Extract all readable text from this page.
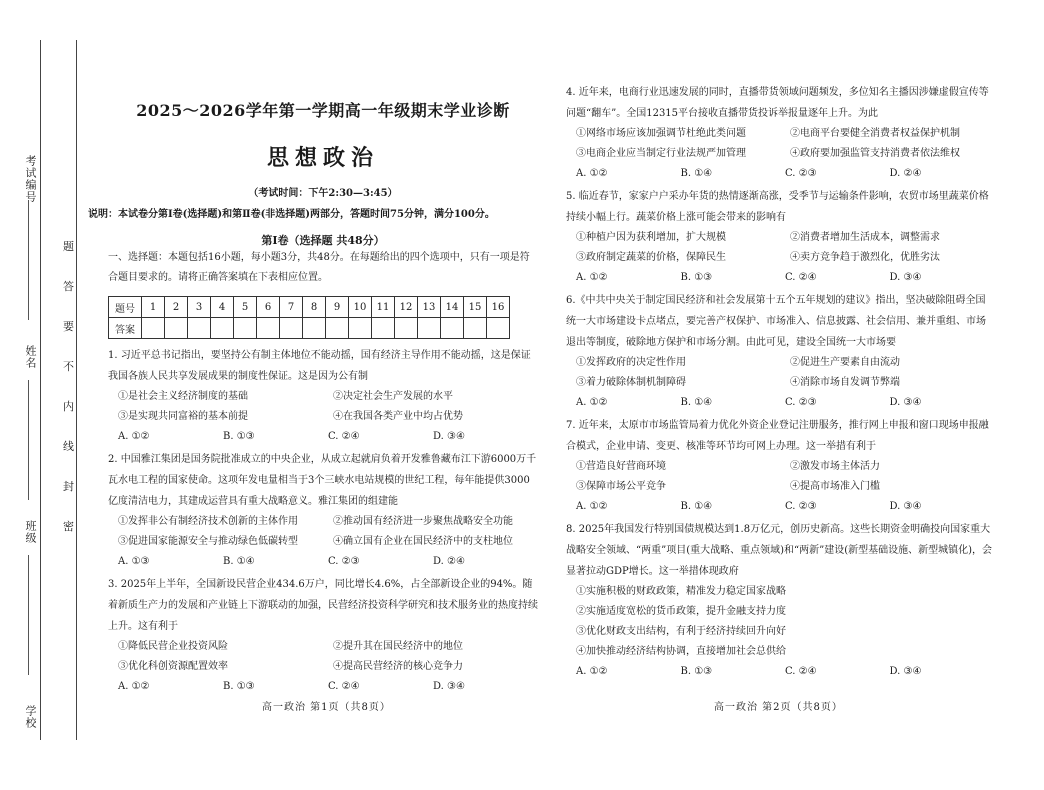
考试编号
姓名
班级
学校
题
答
要
不
内
线
封
密
2025～2026学年第一学期高一年级期末学业诊断
思想政治
（考试时间：下午2:30—3:45）
说明：本试卷分第Ⅰ卷(选择题)和第Ⅱ卷(非选择题)两部分，答题时间75分钟，满分100分。
第Ⅰ卷（选择题 共48分）
一、选择题：本题包括16小题，每小题3分，共48分。在每题给出的四个选项中，只有一项是符合题目要求的。请将正确答案填在下表相应位置。
题号	1	2	3	4	5	6	7	8	9	10	11	12	13	14	15	16
答案																
1. 习近平总书记指出，要坚持公有制主体地位不能动摇，国有经济主导作用不能动摇，这是保证我国各族人民共享发展成果的制度性保证。这是因为公有制
①是社会主义经济制度的基础	②决定社会生产发展的水平
③是实现共同富裕的基本前提	④在我国各类产业中均占优势
A. ①②	B. ①③	C. ②④	D. ③④
2. 中国雅江集团是国务院批准成立的中央企业，从成立起就肩负着开发雅鲁藏布江下游6000万千瓦水电工程的国家使命。这项年发电量相当于3个三峡水电站规模的世纪工程，每年能提供3000亿度清洁电力，其建成运营具有重大战略意义。雅江集团的组建能
①发挥非公有制经济技术创新的主体作用	②推动国有经济进一步聚焦战略安全功能
③促进国家能源安全与推动绿色低碳转型	④确立国有企业在国民经济中的支柱地位
A. ①③	B. ①④	C. ②③	D. ②④
3. 2025年上半年，全国新设民营企业434.6万户，同比增长4.6%，占全部新设企业的94%。随着新质生产力的发展和产业链上下游联动的加强，民营经济投资科学研究和技术服务业的热度持续上升。这有利于
①降低民营企业投资风险	②提升其在国民经济中的地位
③优化科创资源配置效率	④提高民营经济的核心竞争力
A. ①②	B. ①③	C. ②④	D. ③④
4. 近年来，电商行业迅速发展的同时，直播带货领域问题频发，多位知名主播因涉嫌虚假宣传等问题“翻车”。全国12315平台接收直播带货投诉举报量逐年上升。为此
①网络市场应该加强调节杜绝此类问题	②电商平台要健全消费者权益保护机制
③电商企业应当制定行业法规严加管理	④政府要加强监管支持消费者依法维权
A. ①②	B. ①④	C. ②③	D. ②④
5. 临近春节，家家户户采办年货的热情逐渐高涨，受季节与运输条件影响，农贸市场里蔬菜价格持续小幅上行。蔬菜价格上涨可能会带来的影响有
①种植户因为获利增加，扩大规模	②消费者增加生活成本，调整需求
③政府制定蔬菜的价格，保障民生	④卖方竞争趋于激烈化，优胜劣汰
A. ①②	B. ①③	C. ②④	D. ③④
6.《中共中央关于制定国民经济和社会发展第十五个五年规划的建议》指出，坚决破除阻碍全国统一大市场建设卡点堵点，要完善产权保护、市场准入、信息披露、社会信用、兼并重组、市场退出等制度，破除地方保护和市场分割。由此可见，建设全国统一大市场要
①发挥政府的决定性作用	②促进生产要素自由流动
③着力破除体制机制障碍	④消除市场自发调节弊端
A. ①②	B. ①④	C. ②③	D. ③④
7. 近年来，太原市市场监管局着力优化外资企业登记注册服务，推行网上申报和窗口现场申报融合模式，企业申请、变更、核准等环节均可网上办理。这一举措有利于
①营造良好营商环境	②激发市场主体活力
③保障市场公平竞争	④提高市场准入门槛
A. ①②	B. ①④	C. ②③	D. ③④
8. 2025年我国发行特别国债规模达到1.8万亿元，创历史新高。这些长期资金明确投向国家重大战略安全领域、“两重”项目(重大战略、重点领域)和“两新”建设(新型基础设施、新型城镇化)，会显著拉动GDP增长。这一举措体现政府
①实施积极的财政政策，精准发力稳定国家战略
②实施适度宽松的货币政策，提升金融支持力度
③优化财政支出结构，有利于经济持续回升向好
④加快推动经济结构协调，直接增加社会总供给
A. ①②	B. ①③	C. ②④	D. ③④
高一政治 第1页（共8页）	高一政治 第2页（共8页）
